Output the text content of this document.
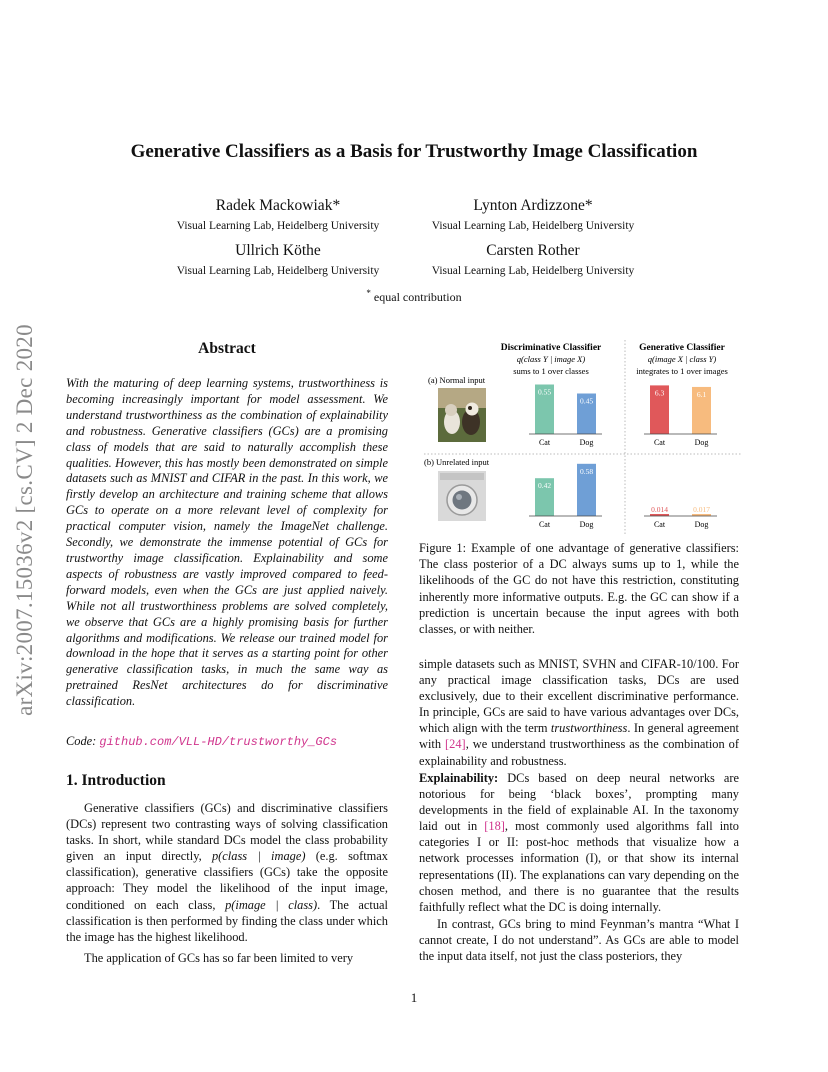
arXiv:2007.15036v2 [cs.CV] 2 Dec 2020
Generative Classifiers as a Basis for Trustworthy Image Classification
Radek Mackowiak*
Visual Learning Lab, Heidelberg University
Lynton Ardizzone*
Visual Learning Lab, Heidelberg University
Ullrich Köthe
Visual Learning Lab, Heidelberg University
Carsten Rother
Visual Learning Lab, Heidelberg University
* equal contribution
Abstract
With the maturing of deep learning systems, trustworthiness is becoming increasingly important for model assessment. We understand trustworthiness as the combination of explainability and robustness. Generative classifiers (GCs) are a promising class of models that are said to naturally accomplish these qualities. However, this has mostly been demonstrated on simple datasets such as MNIST and CIFAR in the past. In this work, we firstly develop an architecture and training scheme that allows GCs to operate on a more relevant level of complexity for practical computer vision, namely the ImageNet challenge. Secondly, we demonstrate the immense potential of GCs for trustworthy image classification. Explainability and some aspects of robustness are vastly improved compared to feed-forward models, even when the GCs are just applied naively. While not all trustworthiness problems are solved completely, we observe that GCs are a highly promising basis for further algorithms and modifications. We release our trained model for download in the hope that it serves as a starting point for other generative classification tasks, in much the same way as pretrained ResNet architectures do for discriminative classification.
Code: github.com/VLL-HD/trustworthy_GCs
1. Introduction
Generative classifiers (GCs) and discriminative classifiers (DCs) represent two contrasting ways of solving classification tasks. In short, while standard DCs model the class probability given an input directly, p(class | image) (e.g. softmax classification), generative classifiers (GCs) take the opposite approach: They model the likelihood of the input image, conditioned on each class, p(image | class). The actual classification is then performed by finding the class under which the image has the highest likelihood.
The application of GCs has so far been limited to very
Discriminative Classifier
q(class Y | image X)
sums to 1 over classes
Generative Classifier
q(image X | class Y)
integrates to 1 over images
(a) Normal input
(b) Unrelated input
0.55
Cat
0.45
Dog
6.3
Cat
6.1
Dog
0.42
Cat
0.58
Dog
0.014
Cat
0.017
Dog
Figure 1: Example of one advantage of generative classifiers: The class posterior of a DC always sums up to 1, while the likelihoods of the GC do not have this restriction, constituting inherently more informative outputs. E.g. the GC can show if a prediction is uncertain because the input agrees with both classes, or with neither.
simple datasets such as MNIST, SVHN and CIFAR-10/100. For any practical image classification tasks, DCs are used exclusively, due to their excellent discriminative performance. In principle, GCs are said to have various advantages over DCs, which align with the term trustworthiness. In general agreement with [24], we understand trustworthiness as the combination of explainability and robustness.
Explainability: DCs based on deep neural networks are notorious for being ‘black boxes’, prompting many developments in the field of explainable AI. In the taxonomy laid out in [18], most commonly used algorithms fall into categories I or II: post-hoc methods that visualize how a network processes information (I), or that show its internal representations (II). The explanations can vary depending on the chosen method, and there is no guarantee that the results faithfully reflect what the DC is doing internally.
In contrast, GCs bring to mind Feynman’s mantra “What I cannot create, I do not understand”. As GCs are able to model the input data itself, not just the class posteriors, they
1
